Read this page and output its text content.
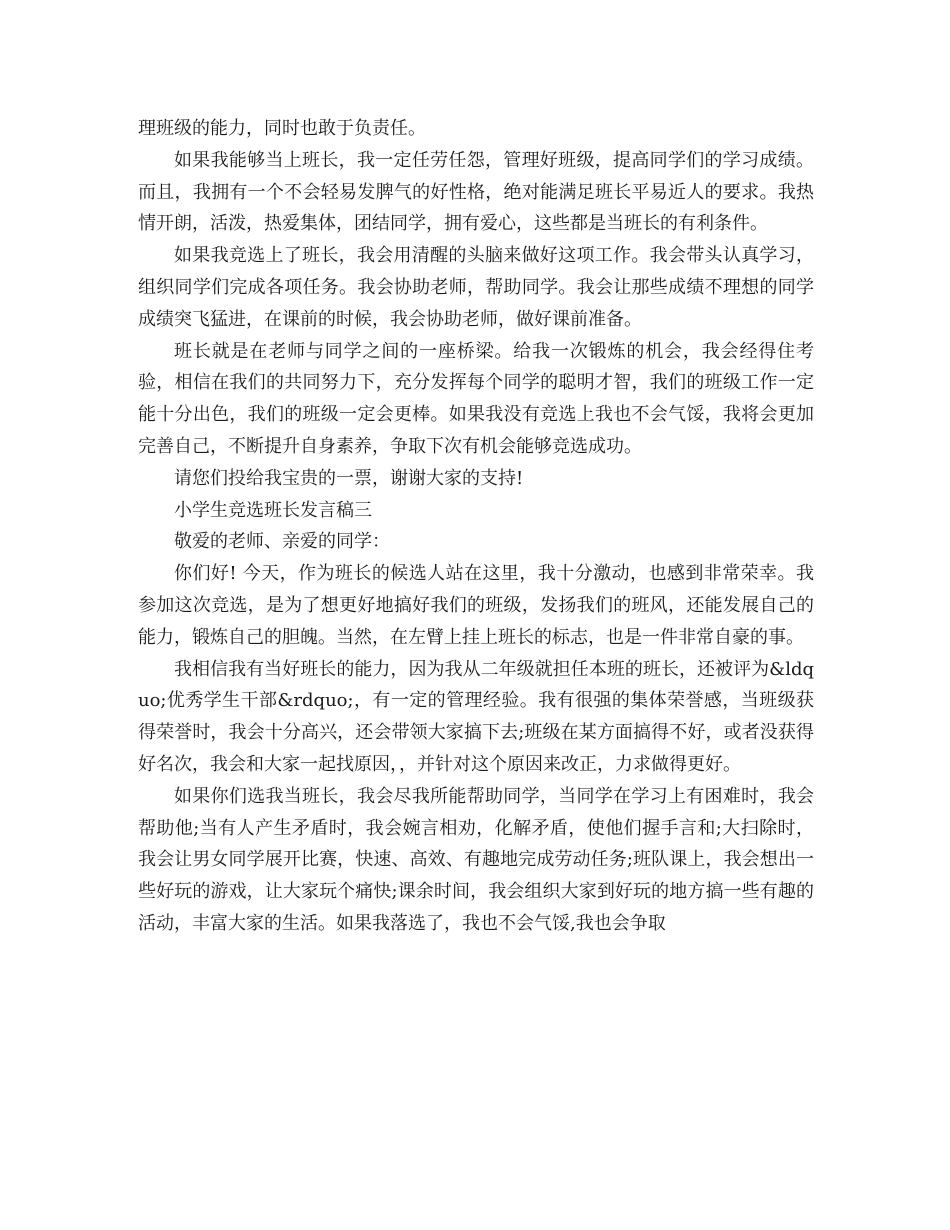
理班级的能力，同时也敢于负责任。

如果我能够当上班长，我一定任劳任怨，管理好班级，提高同学们的学习成绩。而且，我拥有一个不会轻易发脾气的好性格，绝对能满足班长平易近人的要求。我热情开朗，活泼，热爱集体，团结同学，拥有爱心，这些都是当班长的有利条件。

如果我竞选上了班长，我会用清醒的头脑来做好这项工作。我会带头认真学习，组织同学们完成各项任务。我会协助老师，帮助同学。我会让那些成绩不理想的同学成绩突飞猛进，在课前的时候，我会协助老师，做好课前准备。

班长就是在老师与同学之间的一座桥梁。给我一次锻炼的机会，我会经得住考验，相信在我们的共同努力下，充分发挥每个同学的聪明才智，我们的班级工作一定能十分出色，我们的班级一定会更棒。如果我没有竞选上我也不会气馁，我将会更加完善自己，不断提升自身素养，争取下次有机会能够竞选成功。

请您们投给我宝贵的一票，谢谢大家的支持!

小学生竞选班长发言稿三

敬爱的老师、亲爱的同学：

你们好! 今天，作为班长的候选人站在这里，我十分激动，也感到非常荣幸。我参加这次竞选，是为了想更好地搞好我们的班级，发扬我们的班风，还能发展自己的能力，锻炼自己的胆魄。当然，在左臂上挂上班长的标志，也是一件非常自豪的事。

我相信我有当好班长的能力，因为我从二年级就担任本班的班长，还被评为&ldquo;优秀学生干部&rdquo;，有一定的管理经验。我有很强的集体荣誉感，当班级获得荣誉时，我会十分高兴，还会带领大家搞下去;班级在某方面搞得不好，或者没获得好名次，我会和大家一起找原因，，并针对这个原因来改正，力求做得更好。

如果你们选我当班长，我会尽我所能帮助同学，当同学在学习上有困难时，我会帮助他;当有人产生矛盾时，我会婉言相劝，化解矛盾，使他们握手言和;大扫除时，我会让男女同学展开比赛，快速、高效、有趣地完成劳动任务;班队课上，我会想出一些好玩的游戏，让大家玩个痛快;课余时间，我会组织大家到好玩的地方搞一些有趣的活动，丰富大家的生活。如果我落选了，我也不会气馁,我也会争取
